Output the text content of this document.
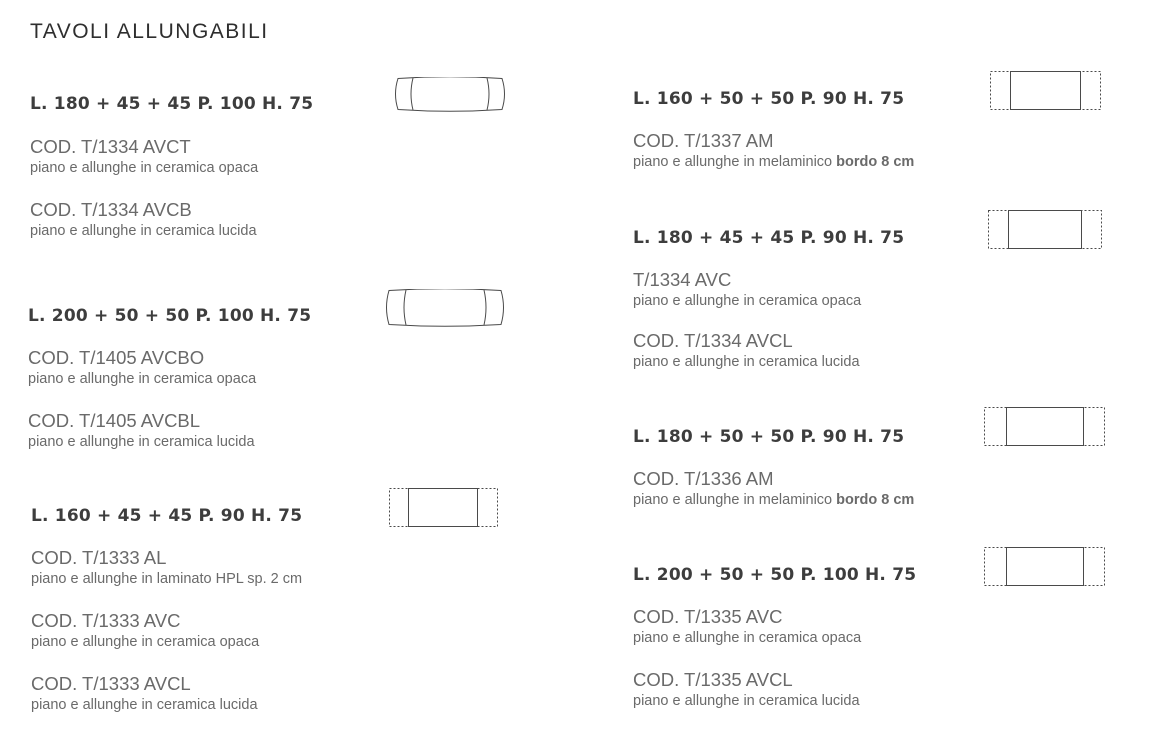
TAVOLI ALLUNGABILI
L. 180 + 45 + 45 P. 100 H. 75
COD. T/1334 AVCT
piano e allunghe in ceramica opaca
COD. T/1334 AVCB
piano e allunghe in ceramica lucida
L. 200 + 50 + 50 P. 100 H. 75
COD. T/1405 AVCBO
piano e allunghe in ceramica opaca
COD. T/1405 AVCBL
piano e allunghe in ceramica lucida
L. 160 + 45 + 45 P. 90 H. 75
COD. T/1333 AL
piano e allunghe in laminato HPL sp. 2 cm
COD. T/1333 AVC
piano e allunghe in ceramica opaca
COD. T/1333 AVCL
piano e allunghe in ceramica lucida
L. 160 + 50 + 50 P. 90 H. 75
COD. T/1337 AM
piano e allunghe in melaminico bordo 8 cm
L. 180 + 45 + 45 P. 90 H. 75
T/1334 AVC
piano e allunghe in ceramica opaca
COD. T/1334 AVCL
piano e allunghe in ceramica lucida
L. 180 + 50 + 50 P. 90 H. 75
COD. T/1336 AM
piano e allunghe in melaminico bordo 8 cm
L. 200 + 50 + 50 P. 100 H. 75
COD. T/1335 AVC
piano e allunghe in ceramica opaca
COD. T/1335 AVCL
piano e allunghe in ceramica lucida
